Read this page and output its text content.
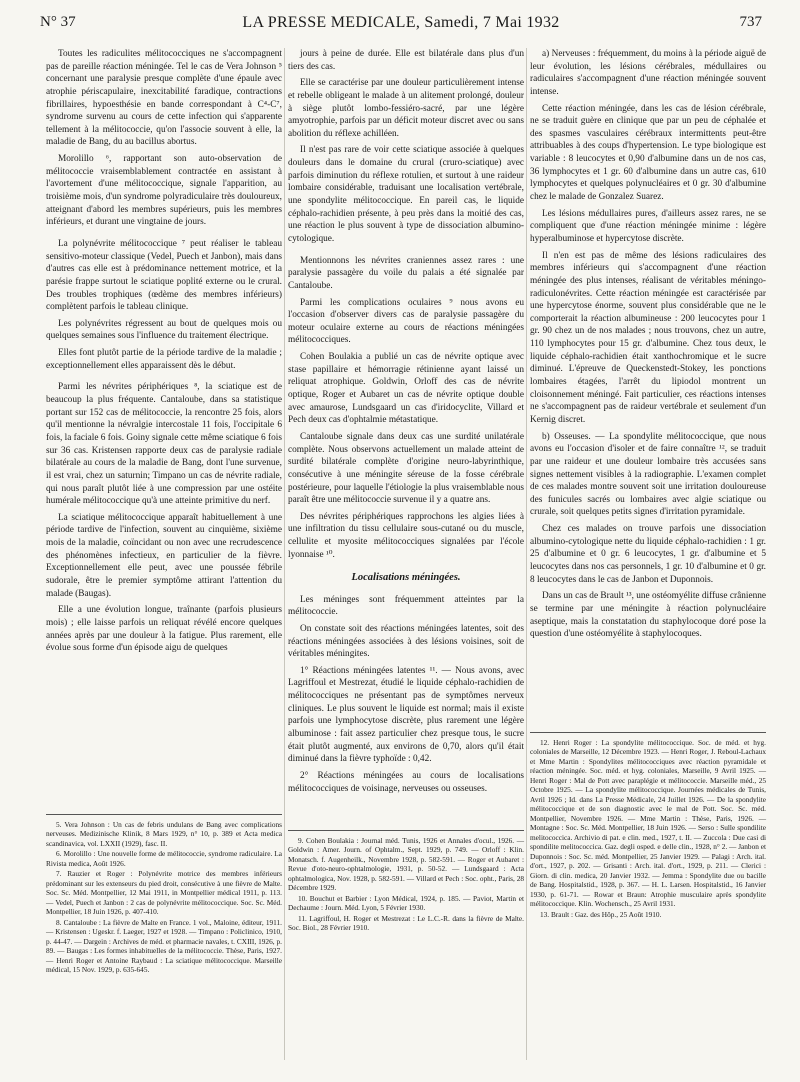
N° 37	LA PRESSE MEDICALE, Samedi, 7 Mai 1932	737

Toutes les radiculites mélitococciques ne s'accompagnent pas de pareille réaction méningée. Tel le cas de Vera Johnson ⁵ concernant une paralysie presque complète d'une épaule avec atrophie périscapulaire, inexcitabilité faradique, contractions fibrillaires, hypoesthésie en bande correspondant à C⁴-C⁷, syndrome survenu au cours de cette infection qui s'apparente tellement à la mélitococcie, qu'on l'associe souvent à elle, la maladie de Bang, du au bacillus abortus.

Morolillo ⁶, rapportant son auto-observation de mélitococcie vraisemblablement contractée en assistant à l'avortement d'une mélitococcique, signale l'apparition, au troisième mois, d'un syndrome polyradiculaire très douloureux, atteignant d'abord les membres supérieurs, puis les membres inférieurs, et durant une vingtaine de jours.

La polynévrite mélitococcique ⁷ peut réaliser le tableau sensitivo-moteur classique (Vedel, Puech et Janbon), mais dans d'autres cas elle est à prédominance nettement motrice, et la parésie frappe surtout le sciatique poplité externe ou le crural. Des troubles trophiques (œdème des membres inférieurs) complètent parfois le tableau clinique.

Les polynévrites régressent au bout de quelques mois ou quelques semaines sous l'influence du traitement électrique.

Elles font plutôt partie de la période tardive de la maladie ; exceptionnellement elles apparaissent dès le début.

Parmi les névrites périphériques ⁸, la sciatique est de beaucoup la plus fréquente. Cantaloube, dans sa statistique portant sur 152 cas de mélitococcie, la rencontre 25 fois, alors qu'il mentionne la névralgie intercostale 11 fois, l'occipitale 6 fois, la faciale 6 fois. Goiny signale cette même sciatique 6 fois sur 36 cas. Kristensen rapporte deux cas de paralysie radiale bilatérale au cours de la maladie de Bang, dont l'une survenue, il est vrai, chez un saturnin; Timpano un cas de névrite radiale, qui nous paraît plutôt liée à une compression par une ostéite humérale mélitococcique qu'à une atteinte primitive du nerf.

La sciatique mélitococcique apparaît habituellement à une période tardive de l'infection, souvent au cinquième, sixième mois de la maladie, coïncidant ou non avec une recrudescence des phénomènes infectieux, en particulier de la fièvre. Exceptionnellement elle peut, avec une poussée fébrile sudorale, être le premier symptôme attirant l'attention du malade (Baugas).

Elle a une évolution longue, traînante (parfois plusieurs mois) ; elle laisse parfois un reliquat révélé encore quelques années après par une douleur à la fatigue. Plus rarement, elle évolue sous forme d'un épisode aigu de quelques

jours à peine de durée. Elle est bilatérale dans plus d'un tiers des cas.

Elle se caractérise par une douleur particulièrement intense et rebelle obligeant le malade à un alitement prolongé, douleur à siège plutôt lombo-fessiéro-sacré, par une légère amyotrophie, parfois par un déficit moteur discret avec ou sans abolition du réflexe achilléen.

Il n'est pas rare de voir cette sciatique associée à quelques douleurs dans le domaine du crural (cruro-sciatique) avec parfois diminution du réflexe rotulien, et surtout à une raideur lombaire considérable, traduisant une localisation vertébrale, une spondylite mélitococcique. En pareil cas, le liquide céphalo-rachidien présente, à peu près dans la moitié des cas, une réaction le plus souvent à type de dissociation albumino-cytologique.

Mentionnons les névrites craniennes assez rares : une paralysie passagère du voile du palais a été signalée par Cantaloube.

Parmi les complications oculaires ⁹ nous avons eu l'occasion d'observer divers cas de paralysie passagère du moteur oculaire externe au cours de réactions méningées mélitococciques.

Cohen Boulakia a publié un cas de névrite optique avec stase papillaire et hémorragie rétinienne ayant laissé un reliquat atrophique. Goldwin, Orloff des cas de névrite optique, Roger et Aubaret un cas de névrite optique double avec amaurose, Lundsgaard un cas d'iridocyclite, Villard et Pech deux cas d'ophtalmie métastatique.

Cantaloube signale dans deux cas une surdité unilatérale complète. Nous observons actuellement un malade atteint de surdité bilatérale complète d'origine neuro-labyrinthique, consécutive à une méningite séreuse de la fosse cérébrale postérieure, pour laquelle l'étiologie la plus vraisemblable nous paraît être une mélitococcie survenue il y a quatre ans.

Des névrites périphériques rapprochons les algies liées à une infiltration du tissu cellulaire sous-cutané ou du muscle, cellulite et myosite mélitococciques signalées par l'école lyonnaise ¹⁰.

Localisations méningées.

Les méninges sont fréquemment atteintes par la mélitococcie.

On constate soit des réactions méningées latentes, soit des réactions méningées associées à des lésions voisines, soit de véritables méningites.

1° Réactions méningées latentes ¹¹. — Nous avons, avec Lagriffoul et Mestrezat, étudié le liquide céphalo-rachidien de mélitococciques ne présentant pas de symptômes nerveux cliniques. Le plus souvent le liquide est normal; mais il existe parfois une lymphocytose discrète, plus rarement une légère albuminose : fait assez particulier chez presque tous, le sucre était plutôt augmenté, aux environs de 0,70, alors qu'il était diminué dans la fièvre typhoïde : 0,42.

2° Réactions méningées au cours de localisations mélitococciques de voisinage, nerveuses ou osseuses.

a) Nerveuses : fréquemment, du moins à la période aiguë de leur évolution, les lésions cérébrales, médullaires ou radiculaires s'accompagnent d'une réaction méningée souvent intense.

Cette réaction méningée, dans les cas de lésion cérébrale, ne se traduit guère en clinique que par un peu de céphalée et des spasmes vasculaires cérébraux intermittents peut-être attribuables à des coups d'hypertension. Le type biologique est variable : 8 leucocytes et 0,90 d'albumine dans un de nos cas, 36 lymphocytes et 1 gr. 60 d'albumine dans un autre cas, 610 lymphocytes et quelques polynucléaires et 0 gr. 30 d'albumine chez le malade de Gonzalez Suarez.

Les lésions médullaires pures, d'ailleurs assez rares, ne se compliquent que d'une réaction méningée minime : légère hyperalbuminose et hypercytose discrète.

Il n'en est pas de même des lésions radiculaires des membres inférieurs qui s'accompagnent d'une réaction méningée des plus intenses, réalisant de véritables méningo-radiculonévrites. Cette réaction méningée est caractérisée par une hypercytose énorme, souvent plus considérable que ne le comporterait la réaction albumineuse : 200 leucocytes pour 1 gr. 90 chez un de nos malades ; nous trouvons, chez un autre, 110 lymphocytes pour 15 gr. d'albumine. Chez tous deux, le liquide céphalo-rachidien était xanthochromique et le sucre diminué. L'épreuve de Queckenstedt-Stokey, les ponctions lombaires étagées, l'arrêt du lipiodol montrent un cloisonnement méningé. Fait particulier, ces réactions intenses ne s'accompagnent pas de raideur vertébrale et seulement d'un Kernig discret.

b) Osseuses. — La spondylite mélitococcique, que nous avons eu l'occasion d'isoler et de faire connaître ¹², se traduit par une raideur et une douleur lombaire très accusées sans signes nettement visibles à la radiographie. L'examen complet de ces malades montre souvent soit une irritation douloureuse des funicules sacrés ou lombaires avec algie sciatique ou crurale, soit quelques petits signes d'irritation pyramidale.

Chez ces malades on trouve parfois une dissociation albumino-cytologique nette du liquide céphalo-rachidien : 1 gr. 25 d'albumine et 0 gr. 6 leucocytes, 1 gr. d'albumine et 5 leucocytes dans nos cas personnels, 1 gr. 10 d'albumine et 0 gr. 8 leucocytes dans le cas de Janbon et Duponnois.

Dans un cas de Brault ¹³, une ostéomyélite diffuse crânienne se termine par une méningite à réaction polynucléaire aseptique, mais la constatation du staphylocoque doré pose la question d'une ostéomyélite à staphylocoques.

5. Vera Johnson : Un cas de febris undulans de Bang avec complications nerveuses. Medizinische Klinik, 8 Mars 1929, n° 10, p. 389 et Acta medica scandinavica, vol. LXXII (1929), fasc. II.

6. Morolillo : Une nouvelle forme de mélitococcie, syndrome radiculaire. La Rivista medica, Août 1926.

7. Rauzier et Roger : Polynévrite motrice des membres inférieurs prédominant sur les extenseurs du pied droit, consécutive à une fièvre de Malte. Soc. Sc. Méd. Montpellier, 12 Mai 1911, in Montpellier médical 1911, p. 113. — Vedel, Puech et Janbon : 2 cas de polynévrite mélitococcique. Soc. Sc. Méd. Montpellier, 18 Juin 1926, p. 407-410.

8. Cantaloube : La fièvre de Malte en France. 1 vol., Maloine, éditeur, 1911. — Kristensen : Ugeskr. f. Laeger, 1927 et 1928. — Timpano : Policlinico, 1910, p. 44-47. — Dargein : Archives de méd. et pharmacie navales, t. CXIII, 1926, p. 89. — Baugas : Les formes inhabituelles de la mélitococcie. Thèse, Paris, 1927. — Henri Roger et Antoine Raybaud : La sciatique mélitococcique. Marseille médical, 15 Nov. 1929, p. 635-645.

9. Cohen Boulakia : Journal méd. Tunis, 1926 et Annales d'ocul., 1926. — Goldwin : Amer. Journ. of Ophtalm., Sept. 1929, p. 749. — Orloff : Klin. Monatsch. f. Augenheilk., Novembre 1928, p. 582-591. — Roger et Aubaret : Revue d'oto-neuro-ophtalmologie, 1931, p. 50-52. — Lundsgaard : Acta ophtalmologica, Nov. 1928, p. 582-591. — Villard et Pech : Soc. opht., Paris, 28 Décembre 1929.

10. Bouchut et Barbier : Lyon Médical, 1924, p. 185. — Paviot, Martin et Dechaume : Journ. Méd. Lyon, 5 Février 1930.

11. Lagriffoul, H. Roger et Mestrezat : Le L.C.-R. dans la fièvre de Malte. Soc. Biol., 28 Février 1910.

12. Henri Roger : La spondylite mélitococcique. Soc. de méd. et hyg. coloniales de Marseille, 12 Décembre 1923. — Henri Roger, J. Reboul-Lachaux et Mme Martin : Spondylites mélitococciques avec réaction pyramidale et réaction méningée. Soc. méd. et hyg. coloniales, Marseille, 9 Avril 1925. — Henri Roger : Mal de Pott avec paraplégie et mélitococcie. Marseille méd., 25 Octobre 1925. — La spondylite mélitococcique. Journées médicales de Tunis, Avril 1926 ; Id. dans La Presse Médicale, 24 Juillet 1926. — De la spondylite mélitococcique et de son diagnostic avec le mal de Pott. Soc. Sc. méd. Montpellier, Novembre 1926. — Mme Martin : Thèse, Paris, 1926. — Montagne : Soc. Sc. Méd. Montpellier, 18 Juin 1926. — Serso : Sulle spondilite melitococcica. Archivio di pat. e clin. med., 1927, t. II. — Zuccola : Due casi di spondilite melitococcica. Gaz. degli osped. e delle clin., 1928, n° 2. — Janbon et Duponnois : Soc. Sc. méd. Montpellier, 25 Janvier 1929. — Palagi : Arch. ital. d'ort., 1927, p. 202. — Grisanti : Arch. ital. d'ort., 1929, p. 211. — Clerici : Giorn. di clin. medica, 20 Janvier 1932. — Jemma : Spondylite due ou bacille de Bang. Hospitalstid., 1928, p. 367. — H. L. Larsen. Hospitalstid., 16 Janvier 1930, p. 61-71. — Rowar et Braun: Atrophie musculaire après spondylite mélitococcique. Klin. Wochensch., 25 Avril 1931.

13. Brault : Gaz. des Hôp., 25 Août 1910.
